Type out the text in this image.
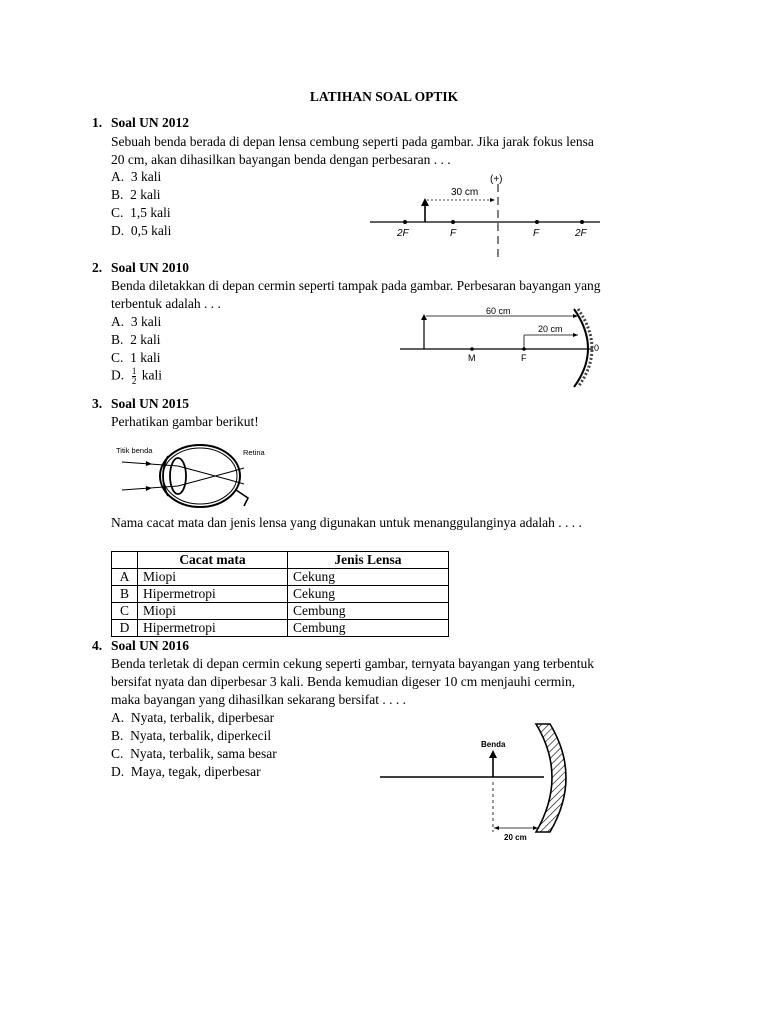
LATIHAN SOAL OPTIK
1. Soal UN 2012
Sebuah benda berada di depan lensa cembung seperti pada gambar. Jika jarak fokus lensa
20 cm, akan dihasilkan bayangan benda dengan perbesaran . . .
A. 3 kali
B. 2 kali
C. 1,5 kali
D. 0,5 kali
(+)
30 cm
2F	F	F	2F
2. Soal UN 2010
Benda diletakkan di depan cermin seperti tampak pada gambar. Perbesaran bayangan yang
terbentuk adalah . . .
A. 3 kali
B. 2 kali
C. 1 kali
D. $\frac{1}{2}$ kali
60 cm
20 cm
M	F
0
3. Soal UN 2015
Perhatikan gambar berikut!
Titik benda	Retina
Nama cacat mata dan jenis lensa yang digunakan untuk menanggulanginya adalah . . . .
	Cacat mata	Jenis Lensa
A	Miopi	Cekung
B	Hipermetropi	Cekung
C	Miopi	Cembung
D	Hipermetropi	Cembung
4. Soal UN 2016
Benda terletak di depan cermin cekung seperti gambar, ternyata bayangan yang terbentuk
bersifat nyata dan diperbesar 3 kali. Benda kemudian digeser 10 cm menjauhi cermin,
maka bayangan yang dihasilkan sekarang bersifat . . . .
A. Nyata, terbalik, diperbesar
B. Nyata, terbalik, diperkecil
C. Nyata, terbalik, sama besar
D. Maya, tegak, diperbesar
Benda
20 cm
